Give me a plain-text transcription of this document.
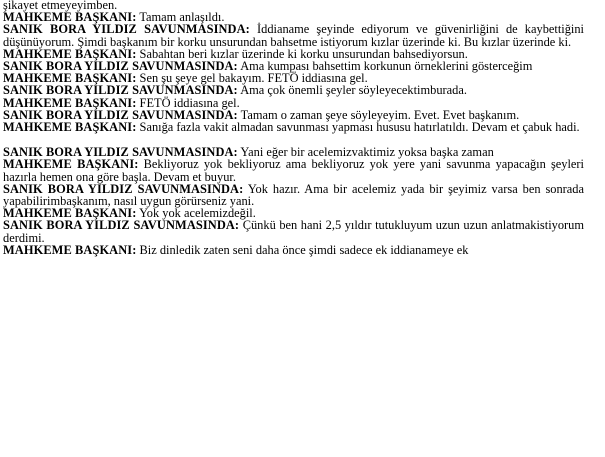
şikayet etmeyeyimben.

MAHKEME BAŞKANI: Tamam anlaşıldı.

SANIK BORA YILDIZ SAVUNMASINDA: İddianame şeyinde ediyorum ve güvenirliğini de kaybettiğini düşünüyorum. Şimdi başkanım bir korku unsurundan bahsetme istiyorum kızlar üzerinde ki. Bu kızlar üzerinde ki.

MAHKEME BAŞKANI: Sabahtan beri kızlar üzerinde ki korku unsurundan bahsediyorsun.

SANIK BORA YILDIZ SAVUNMASINDA: Ama kumpası bahsettim korkunun örneklerini gösterceğim

MAHKEME BAŞKANI: Sen şu şeye gel bakayım. FETÖ iddiasına gel.

SANIK BORA YILDIZ SAVUNMASINDA: Ama çok önemli şeyler söyleyecektimburada.

MAHKEME BAŞKANI: FETÖ iddiasına gel.

SANIK BORA YILDIZ SAVUNMASINDA: Tamam o zaman şeye söyleyeyim. Evet. Evet başkanım.

MAHKEME BAŞKANI: Sanığa fazla vakit almadan savunması yapması hususu hatırlatıldı. Devam et çabuk hadi.

SANIK BORA YILDIZ SAVUNMASINDA: Yani eğer bir acelemizvaktimiz yoksa başka zaman

MAHKEME BAŞKANI: Bekliyoruz yok bekliyoruz ama bekliyoruz yok yere yani savunma yapacağın şeyleri hazırla hemen ona göre başla. Devam et buyur.

SANIK BORA YILDIZ SAVUNMASINDA: Yok hazır. Ama bir acelemiz yada bir şeyimiz varsa ben sonrada yapabilirimbaşkanım, nasıl uygun görürseniz yani.

MAHKEME BAŞKANI: Yok yok acelemizdeğil.

SANIK BORA YILDIZ SAVUNMASINDA: Çünkü ben hani 2,5 yıldır tutukluyum uzun uzun anlatmakistiyorum derdimi.

MAHKEME BAŞKANI: Biz dinledik zaten seni daha önce şimdi sadece ek iddianameye ek
